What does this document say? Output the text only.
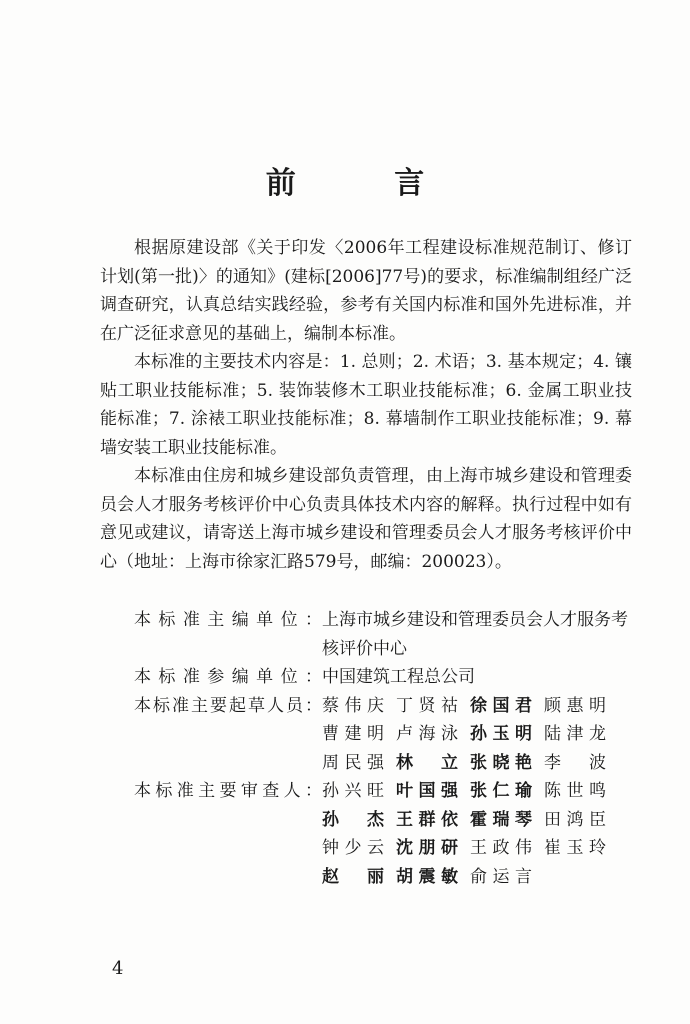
前 言

根据原建设部《关于印发〈2006年工程建设标准规范制订、修订计划(第一批)〉的通知》(建标[2006]77号)的要求，标准编制组经广泛调查研究，认真总结实践经验，参考有关国内标准和国外先进标准，并在广泛征求意见的基础上，编制本标准。

本标准的主要技术内容是：1. 总则；2. 术语；3. 基本规定；4. 镶贴工职业技能标准；5. 装饰装修木工职业技能标准；6. 金属工职业技能标准；7. 涂裱工职业技能标准；8. 幕墙制作工职业技能标准；9. 幕墙安装工职业技能标准。

本标准由住房和城乡建设部负责管理，由上海市城乡建设和管理委员会人才服务考核评价中心负责具体技术内容的解释。执行过程中如有意见或建议，请寄送上海市城乡建设和管理委员会人才服务考核评价中心（地址：上海市徐家汇路579号，邮编：200023）。

本标准主编单位： 上海市城乡建设和管理委员会人才服务考核评价中心
本标准参编单位： 中国建筑工程总公司
本标准主要起草人员： 蔡伟庆 丁贤祜 徐国君 顾惠明
曹建明 卢海泳 孙玉明 陆津龙
周民强 林立 张晓艳 李波
本标准主要审查人： 孙兴旺 叶国强 张仁瑜 陈世鸣
孙杰 王群依 霍瑞琴 田鸿臣
钟少云 沈朋研 王政伟 崔玉玲
赵丽 胡震敏 俞运言
4
